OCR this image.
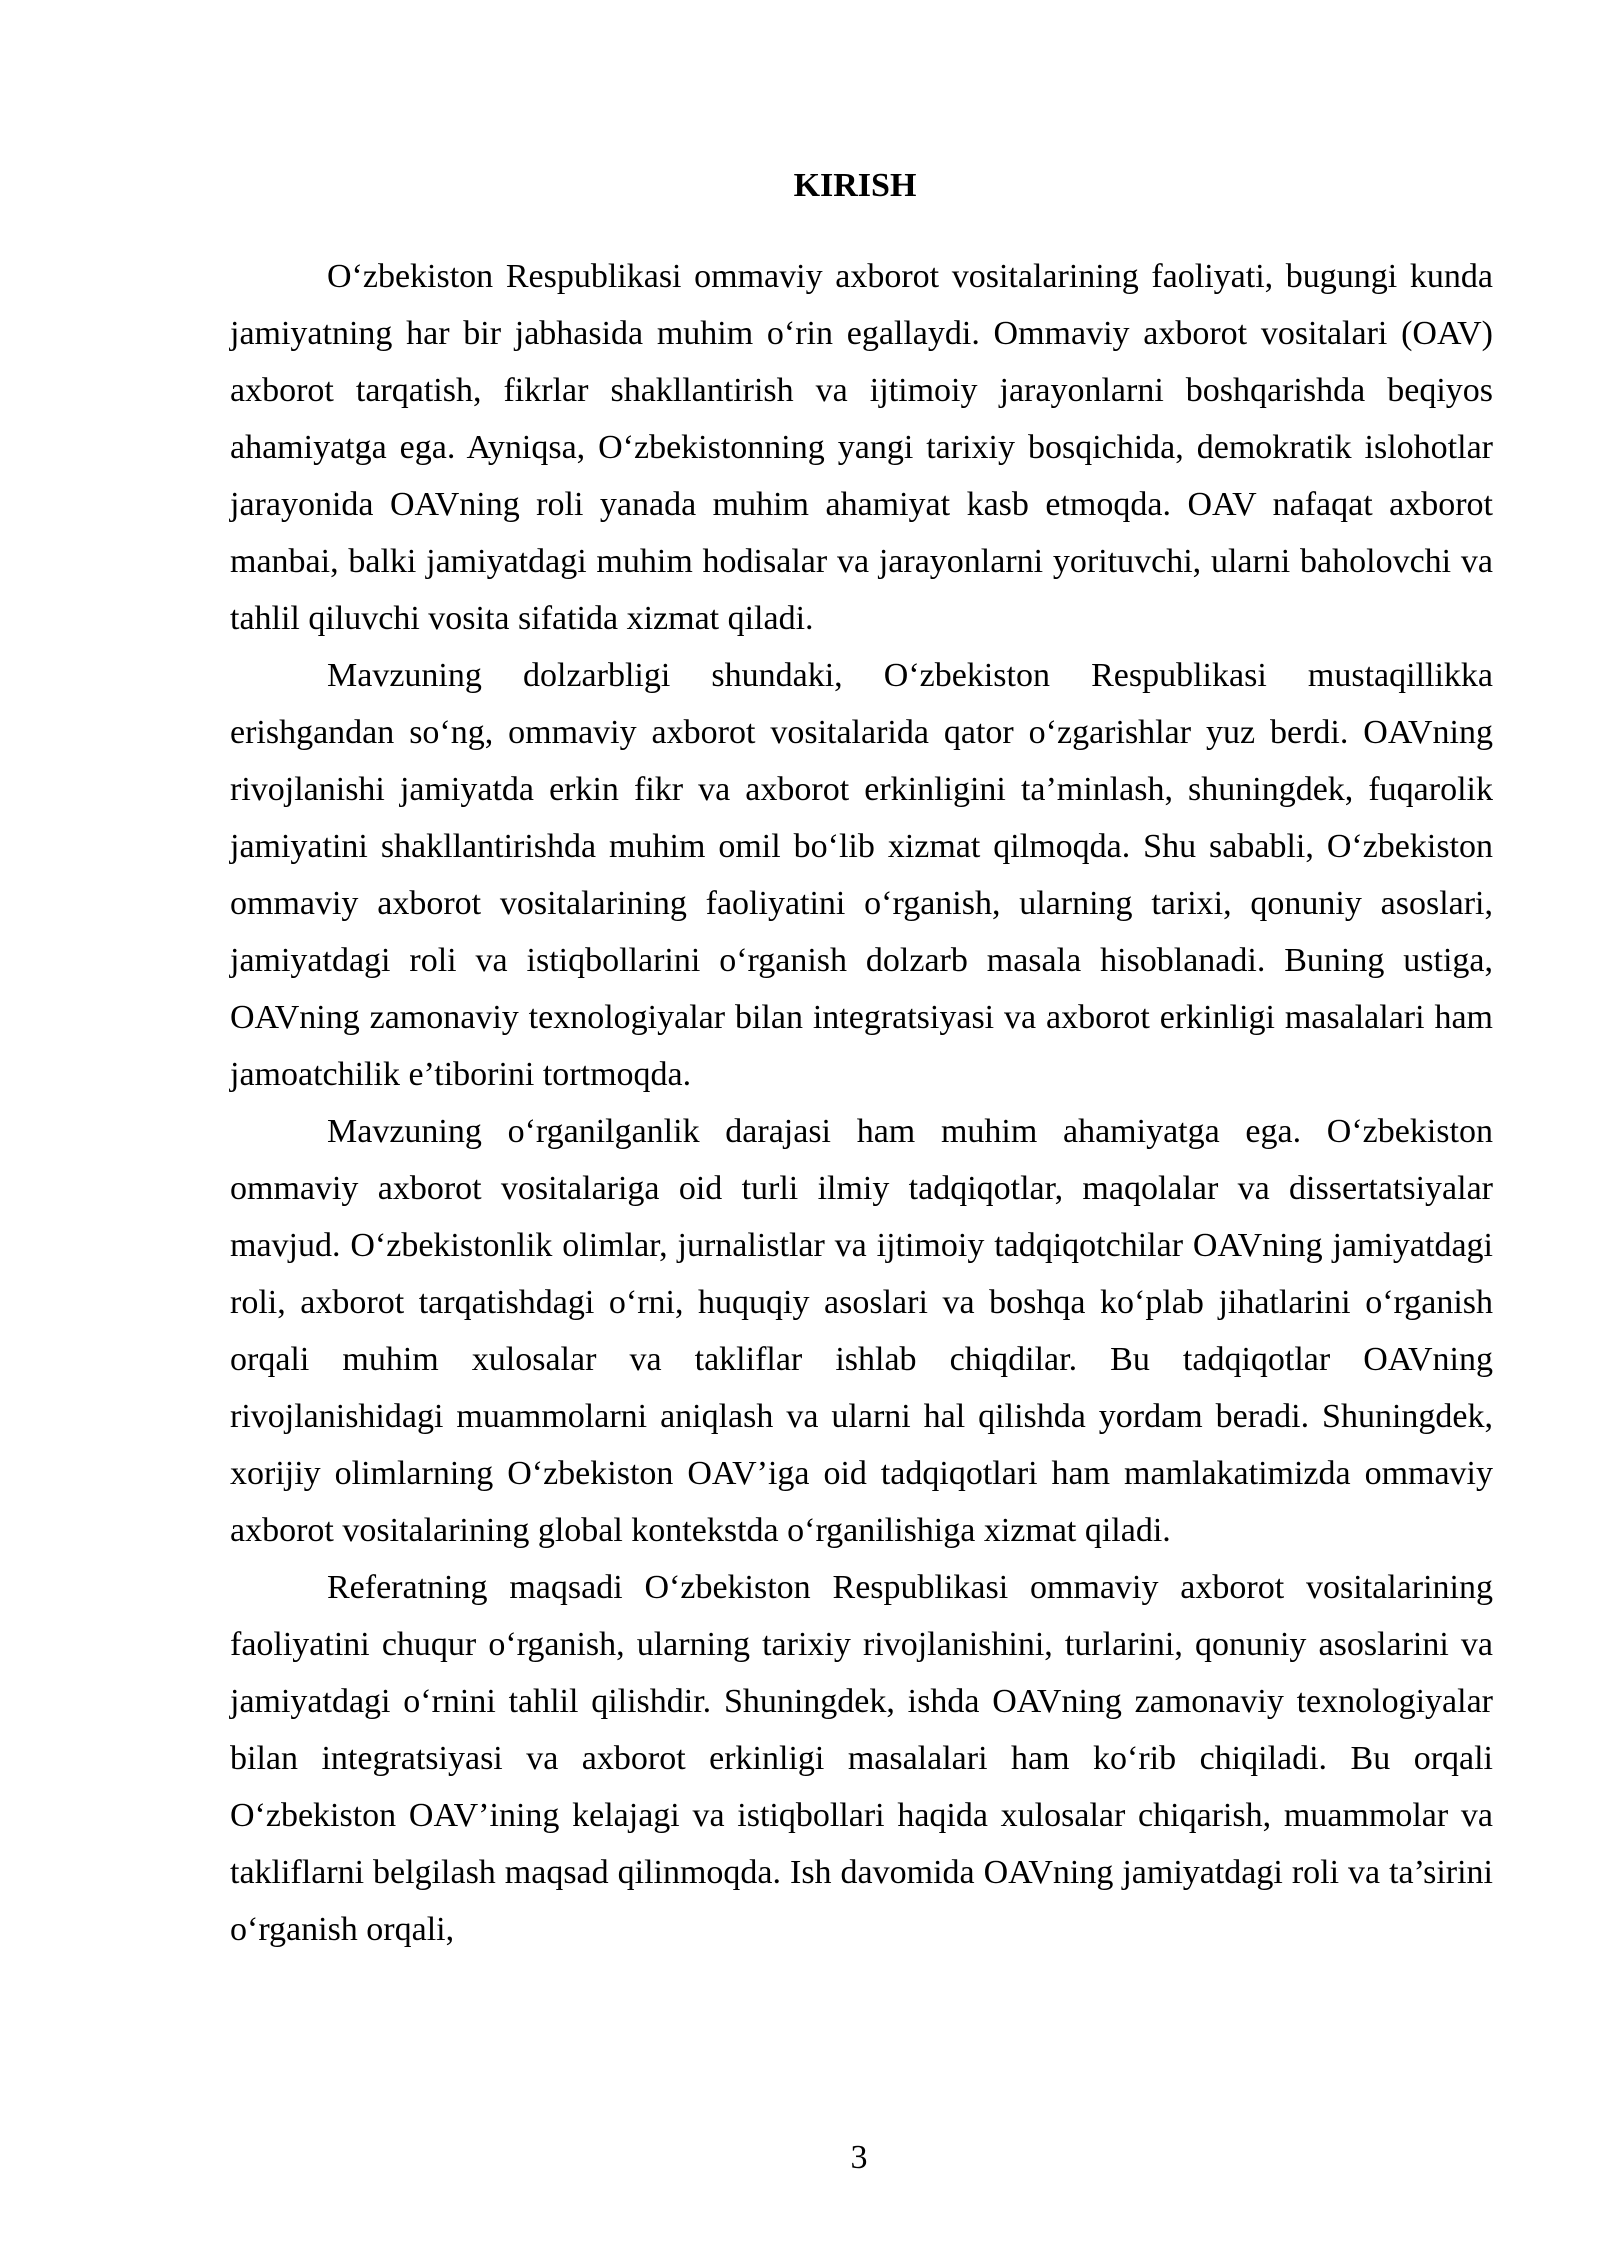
KIRISH

O‘zbekiston Respublikasi ommaviy axborot vositalarining faoliyati, bugungi kunda jamiyatning har bir jabhasida muhim o‘rin egallaydi. Ommaviy axborot vositalari (OAV) axborot tarqatish, fikrlar shakllantirish va ijtimoiy jarayonlarni boshqarishda beqiyos ahamiyatga ega. Ayniqsa, O‘zbekistonning yangi tarixiy bosqichida, demokratik islohotlar jarayonida OAVning roli yanada muhim ahamiyat kasb etmoqda. OAV nafaqat axborot manbai, balki jamiyatdagi muhim hodisalar va jarayonlarni yorituvchi, ularni baholovchi va tahlil qiluvchi vosita sifatida xizmat qiladi.

Mavzuning dolzarbligi shundaki, O‘zbekiston Respublikasi mustaqillikka erishgandan so‘ng, ommaviy axborot vositalarida qator o‘zgarishlar yuz berdi. OAVning rivojlanishi jamiyatda erkin fikr va axborot erkinligini ta’minlash, shuningdek, fuqarolik jamiyatini shakllantirishda muhim omil bo‘lib xizmat qilmoqda. Shu sababli, O‘zbekiston ommaviy axborot vositalarining faoliyatini o‘rganish, ularning tarixi, qonuniy asoslari, jamiyatdagi roli va istiqbollarini o‘rganish dolzarb masala hisoblanadi. Buning ustiga, OAVning zamonaviy texnologiyalar bilan integratsiyasi va axborot erkinligi masalalari ham jamoatchilik e’tiborini tortmoqda.

Mavzuning o‘rganilganlik darajasi ham muhim ahamiyatga ega. O‘zbekiston ommaviy axborot vositalariga oid turli ilmiy tadqiqotlar, maqolalar va dissertatsiyalar mavjud. O‘zbekistonlik olimlar, jurnalistlar va ijtimoiy tadqiqotchilar OAVning jamiyatdagi roli, axborot tarqatishdagi o‘rni, huquqiy asoslari va boshqa ko‘plab jihatlarini o‘rganish orqali muhim xulosalar va takliflar ishlab chiqdilar. Bu tadqiqotlar OAVning rivojlanishidagi muammolarni aniqlash va ularni hal qilishda yordam beradi. Shuningdek, xorijiy olimlarning O‘zbekiston OAV’iga oid tadqiqotlari ham mamlakatimizda ommaviy axborot vositalarining global kontekstda o‘rganilishiga xizmat qiladi.

Referatning maqsadi O‘zbekiston Respublikasi ommaviy axborot vositalarining faoliyatini chuqur o‘rganish, ularning tarixiy rivojlanishini, turlarini, qonuniy asoslarini va jamiyatdagi o‘rnini tahlil qilishdir. Shuningdek, ishda OAVning zamonaviy texnologiyalar bilan integratsiyasi va axborot erkinligi masalalari ham ko‘rib chiqiladi. Bu orqali O‘zbekiston OAV’ining kelajagi va istiqbollari haqida xulosalar chiqarish, muammolar va takliflarni belgilash maqsad qilinmoqda. Ish davomida OAVning jamiyatdagi roli va ta’sirini o‘rganish orqali,

3
